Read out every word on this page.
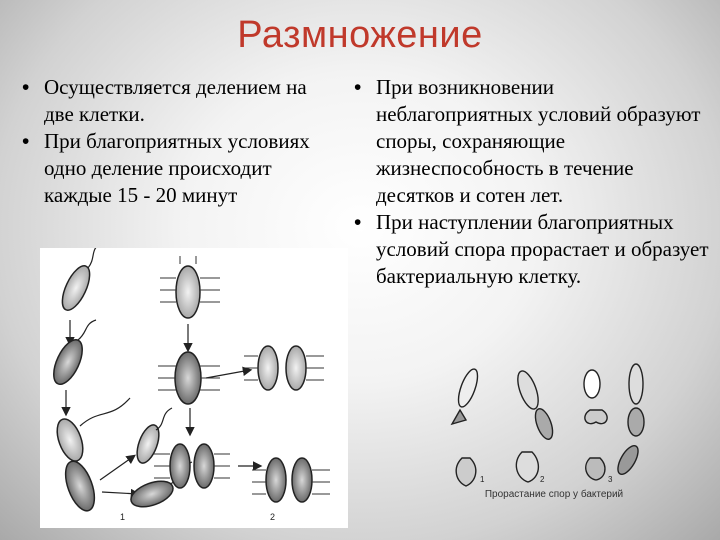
Размножение
• Осуществляется делением на две клетки.
• При благоприятных условиях одно деление происходит каждые 15 - 20 минут
• При возникновении неблагоприятных условий образуют споры, сохраняющие жизнеспособность в течение десятков и сотен лет.
• При наступлении благоприятных условий спора прорастает и образует бактериальную клетку.
1	2
1	2	3
Прорастание спор у бактерий
